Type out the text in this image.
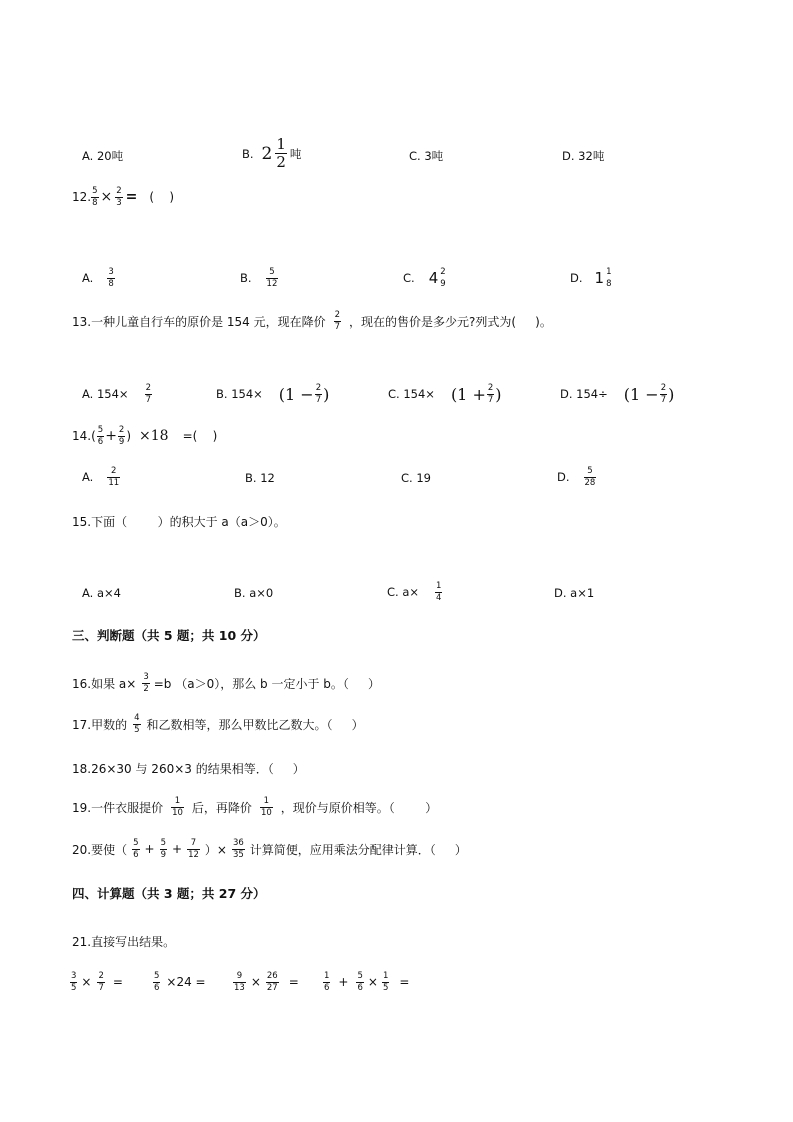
A. 20 吨	B. $2 \frac{1}{2}$ 吨	C. 3 吨	D. 32 吨
12. $\frac{5}{8} \times \frac{2}{3}$ = (    )
A. $\frac{3}{8}$	B. $\frac{5}{12}$	C. 4 2
9	D. 1 1
8
13.一种儿童自行车的原价是 154 元，现在降价 $\frac{2}{7}$ ，现在的售价是多少元?列式为(     )。
A. $154\times \frac{2}{7}$	B. $154\times (1 - \frac{2}{7}$ )	C. $154\times (1 + \frac{2}{7}$ )	D. $154\div (1 - \frac{2}{7}$ )
$14.( \frac{5}{6} + \frac{2}{9}$ ) ×18 =(    )
A. $\frac{2}{11}$	B. 12	C. 19	D. $\frac{5}{28}$
15.下面（        ）的积大于 a（a＞0）。
A. a×4	B. a×0	C. $a\times \frac{1}{4}$	D. a×1
三、判断题（共 5 题；共 10 分）
16.如果 $a\times \frac{3}{2} =b$ （a＞0），那么 b 一定小于 b。（     ）
17.甲数的 $\frac{4}{5}$ 和乙数相等，那么甲数比乙数大。（     ）
18.26×30 与 260×3 的结果相等．（     ）
19.一件衣服提价 $\frac{1}{10}$ 后，再降价 $\frac{1}{10}$ ，现价与原价相等。（        ）
20.要使（ $\frac{5}{6} + \frac{5}{9} + \frac{7}{12}$ ）× $\frac{36}{35}$ 计算简便，应用乘法分配律计算．（     ）
四、计算题（共 3 题；共 27 分）
21.直接写出结果。
$\frac{3}{5} \times \frac{2}{7}$ =	$\frac{5}{6} \times 24$ =	$\frac{9}{13} \times \frac{26}{27}$ =	$\frac{1}{6} + \frac{5}{6} \times \frac{1}{5}$ =
